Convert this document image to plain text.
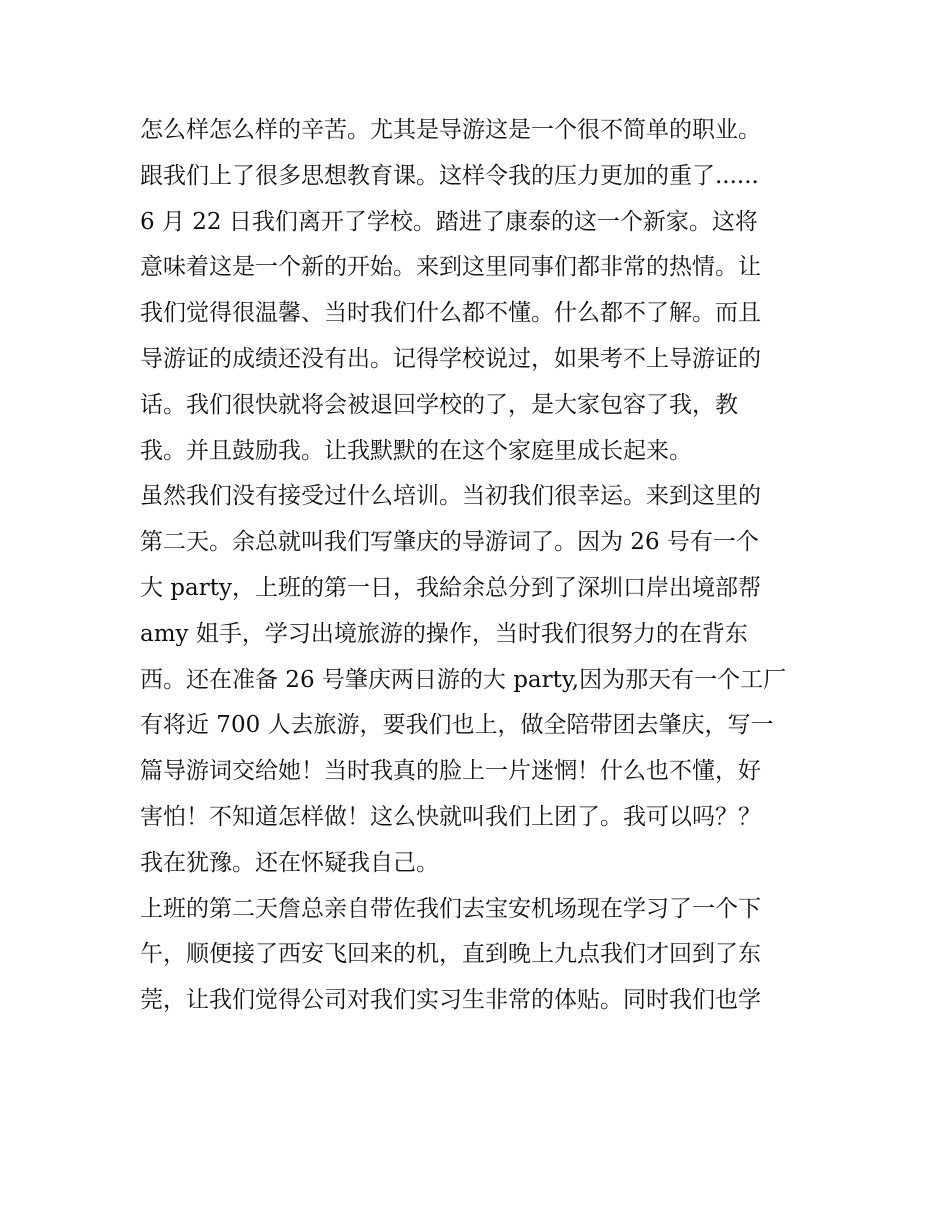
怎么样怎么样的辛苦。尤其是导游这是一个很不简单的职业。
跟我们上了很多思想教育课。这样令我的压力更加的重了......
6 月 22 日我们离开了学校。踏进了康泰的这一个新家。这将
意味着这是一个新的开始。来到这里同事们都非常的热情。让
我们觉得很温馨、当时我们什么都不懂。什么都不了解。而且
导游证的成绩还没有出。记得学校说过，如果考不上导游证的
话。我们很快就将会被退回学校的了，是大家包容了我，教
我。并且鼓励我。让我默默的在这个家庭里成长起来。
虽然我们没有接受过什么培训。当初我们很幸运。来到这里的
第二天。余总就叫我们写肇庆的导游词了。因为 26 号有一个
大 party，上班的第一日，我給余总分到了深圳口岸出境部帮
amy 姐手，学习出境旅游的操作，当时我们很努力的在背东
西。还在准备 26 号肇庆两日游的大 party,因为那天有一个工厂
有将近 700 人去旅游，要我们也上，做全陪带团去肇庆，写一
篇导游词交给她！当时我真的脸上一片迷惘！什么也不懂，好
害怕！不知道怎样做！这么快就叫我们上团了。我可以吗？？
我在犹豫。还在怀疑我自己。
上班的第二天詹总亲自带佐我们去宝安机场现在学习了一个下
午，顺便接了西安飞回来的机，直到晚上九点我们才回到了东
莞，让我们觉得公司对我们实习生非常的体贴。同时我们也学
